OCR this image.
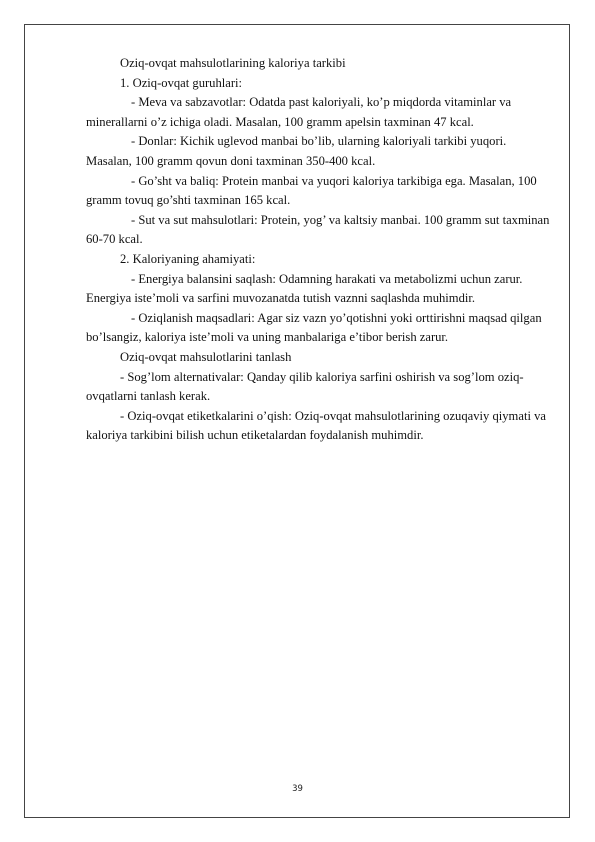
Oziq-ovqat mahsulotlarining kaloriya tarkibi

1. Oziq-ovqat guruhlari:

- Meva va sabzavotlar: Odatda past kaloriyali, ko’p miqdorda vitaminlar va minerallarni o’z ichiga oladi. Masalan, 100 gramm apelsin taxminan 47 kcal.

- Donlar: Kichik uglevod manbai bo’lib, ularning kaloriyali tarkibi yuqori. Masalan, 100 gramm qovun doni taxminan 350-400 kcal.

- Go’sht va baliq: Protein manbai va yuqori kaloriya tarkibiga ega. Masalan, 100 gramm tovuq go’shti taxminan 165 kcal.

- Sut va sut mahsulotlari: Protein, yog’ va kaltsiy manbai. 100 gramm sut taxminan 60-70 kcal.

2. Kaloriyaning ahamiyati:

- Energiya balansini saqlash: Odamning harakati va metabolizmi uchun zarur. Energiya iste’moli va sarfini muvozanatda tutish vaznni saqlashda muhimdir.

- Oziqlanish maqsadlari: Agar siz vazn yo’qotishni yoki orttirishni maqsad qilgan bo’lsangiz, kaloriya iste’moli va uning manbalariga e’tibor berish zarur.

Oziq-ovqat mahsulotlarini tanlash

- Sog’lom alternativalar: Qanday qilib kaloriya sarfini oshirish va sog’lom oziq-ovqatlarni tanlash kerak.

- Oziq-ovqat etiketkalarini o’qish: Oziq-ovqat mahsulotlarining ozuqaviy qiymati va kaloriya tarkibini bilish uchun etiketalardan foydalanish muhimdir.

39
